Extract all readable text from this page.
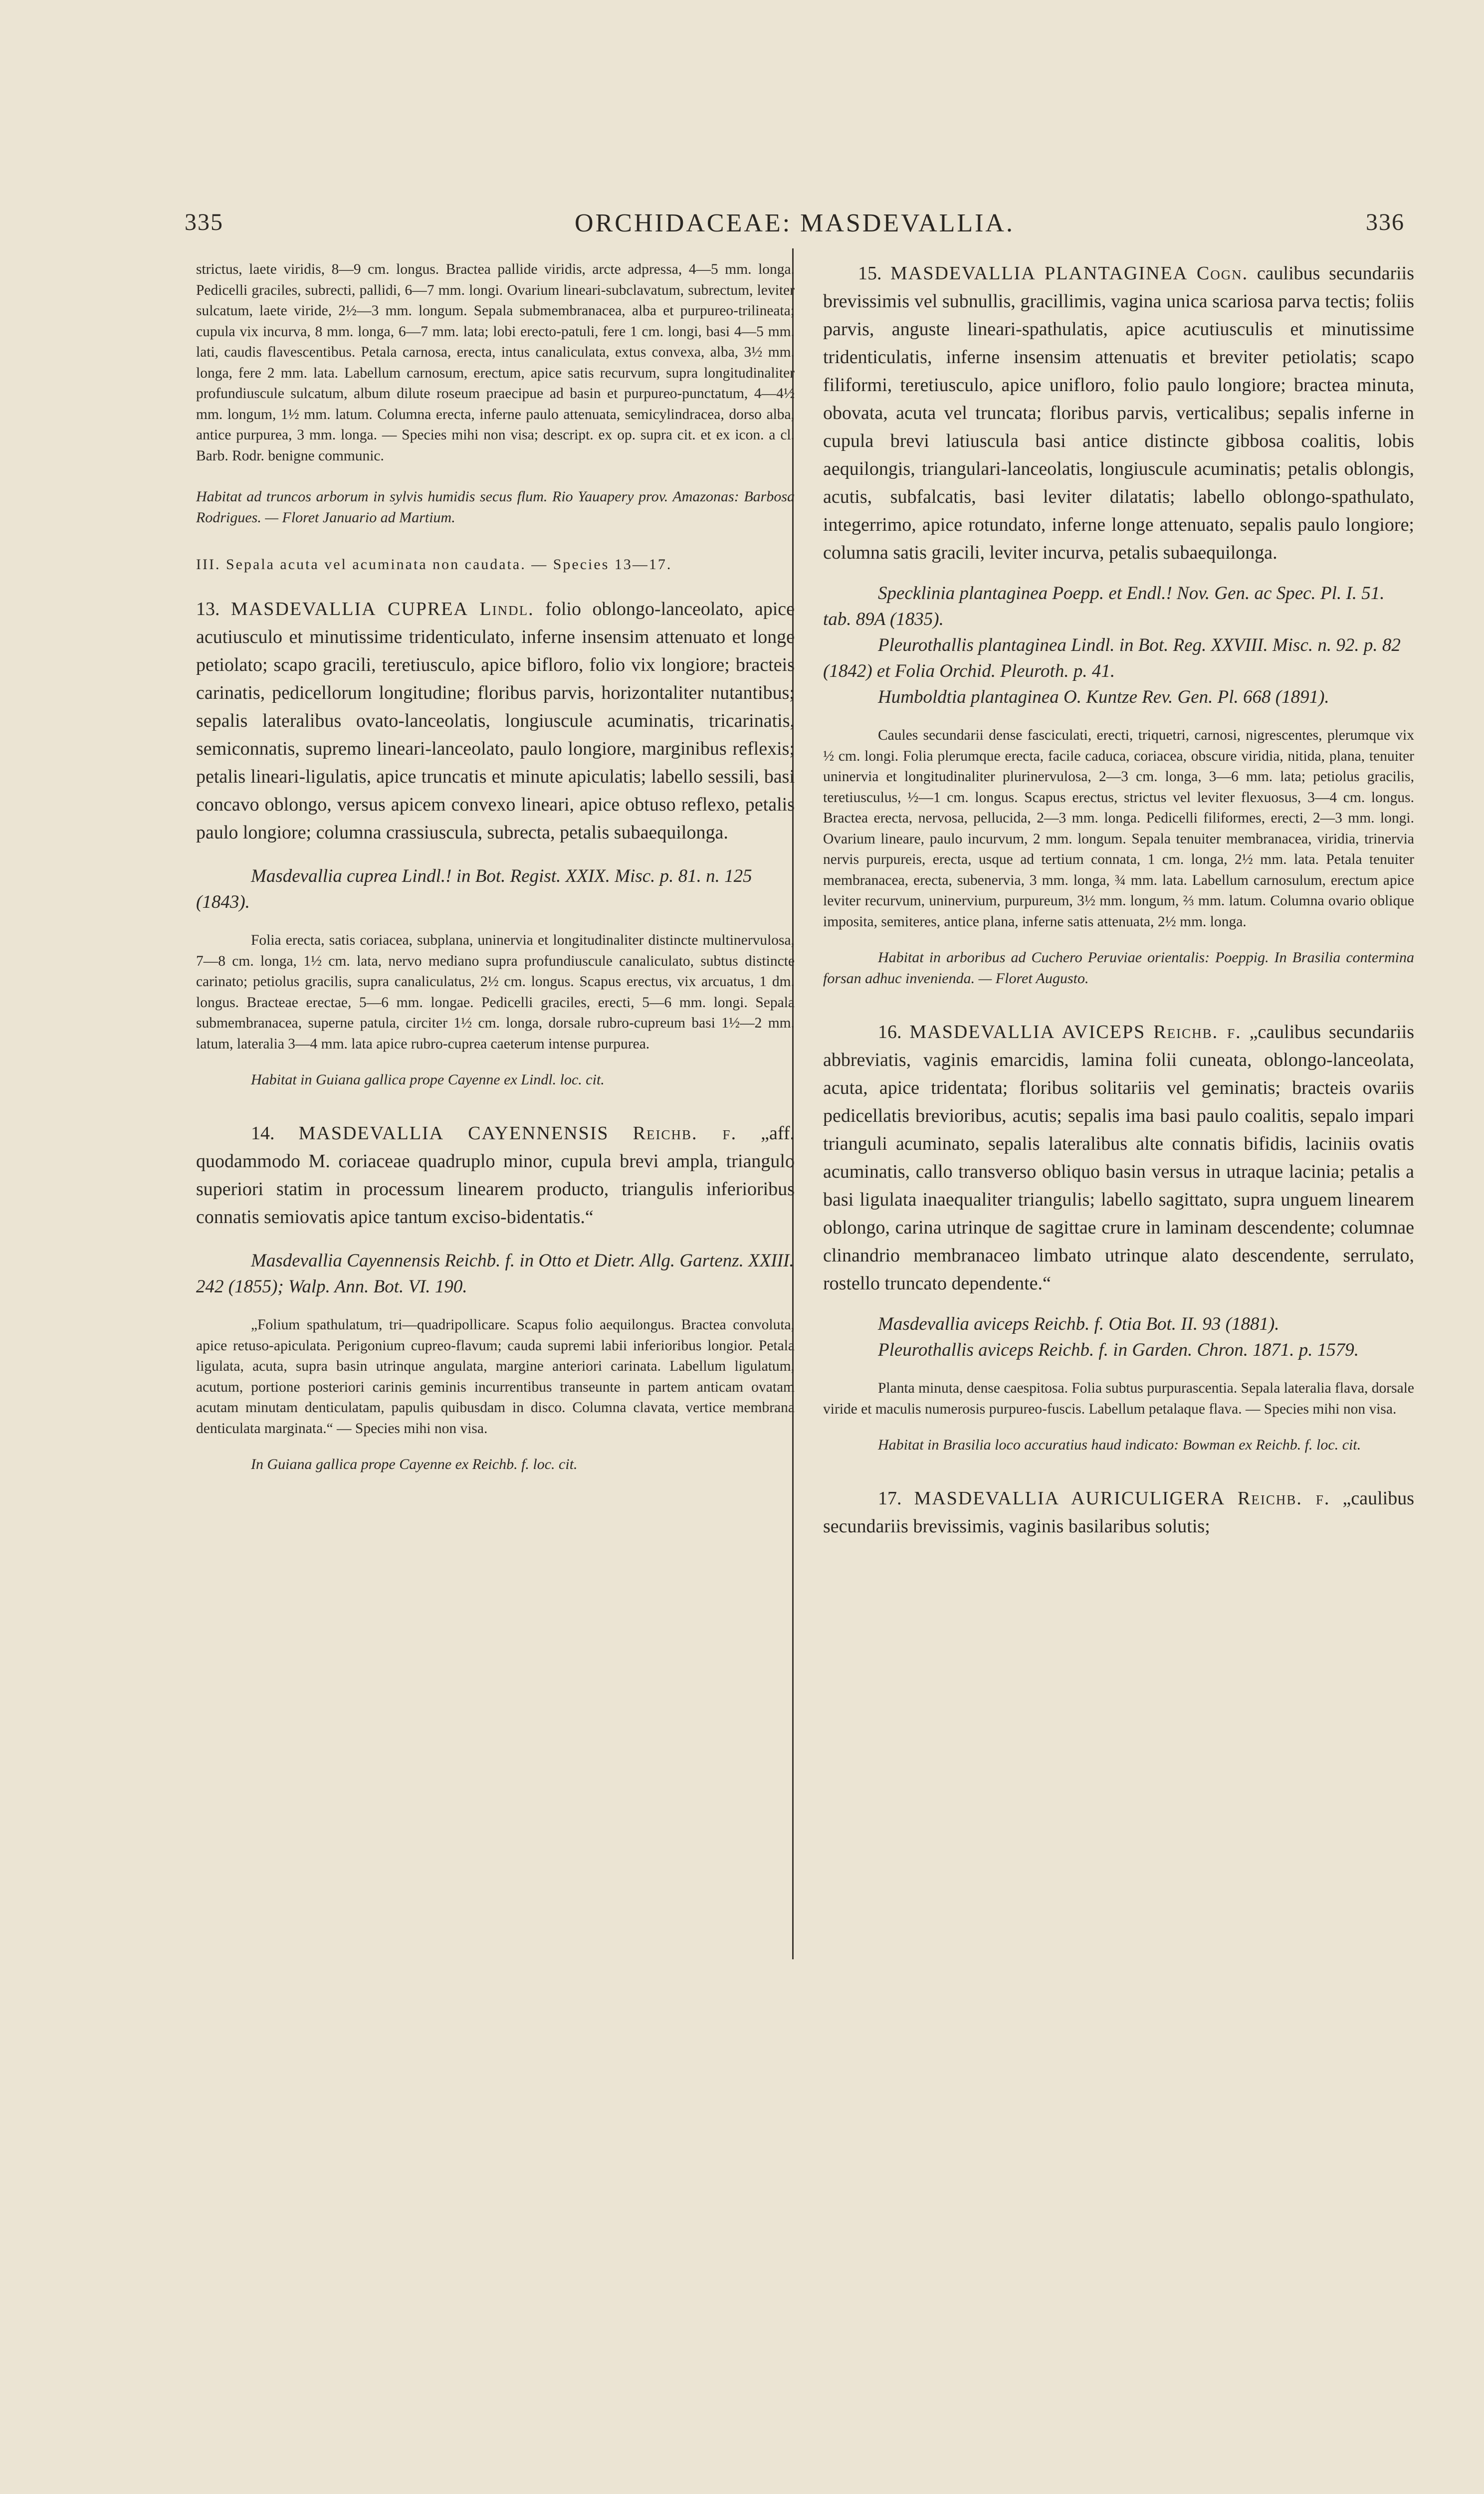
335	ORCHIDACEAE: MASDEVALLIA.	336

strictus, laete viridis, 8—9 cm. longus. Bractea pallide viridis, arcte adpressa, 4—5 mm. longa. Pedicelli graciles, subrecti, pallidi, 6—7 mm. longi. Ovarium lineari-subclavatum, subrectum, leviter sulcatum, laete viride, 2½—3 mm. longum. Sepala submembranacea, alba et purpureo-trilineata; cupula vix incurva, 8 mm. longa, 6—7 mm. lata; lobi erecto-patuli, fere 1 cm. longi, basi 4—5 mm. lati, caudis flavescentibus. Petala carnosa, erecta, intus canaliculata, extus convexa, alba, 3½ mm. longa, fere 2 mm. lata. Labellum carnosum, erectum, apice satis recurvum, supra longitudinaliter profundiuscule sulcatum, album dilute roseum praecipue ad basin et purpureo-punctatum, 4—4½ mm. longum, 1½ mm. latum. Columna erecta, inferne paulo attenuata, semicylindracea, dorso alba, antice purpurea, 3 mm. longa. — Species mihi non visa; descript. ex op. supra cit. et ex icon. a cl. Barb. Rodr. benigne communic.

Habitat ad truncos arborum in sylvis humidis secus flum. Rio Yauapery prov. Amazonas: Barbosa Rodrigues. — Floret Januario ad Martium.

III. Sepala acuta vel acuminata non caudata. — Species 13—17.

13. MASDEVALLIA CUPREA Lindl. folio oblongo-lanceolato, apice acutiusculo et minutissime tridenticulato, inferne insensim attenuato et longe petiolato; scapo gracili, teretiusculo, apice bifloro, folio vix longiore; bracteis carinatis, pedicellorum longitudine; floribus parvis, horizontaliter nutantibus; sepalis lateralibus ovato-lanceolatis, longiuscule acuminatis, tricarinatis, semiconnatis, supremo lineari-lanceolato, paulo longiore, marginibus reflexis; petalis lineari-ligulatis, apice truncatis et minute apiculatis; labello sessili, basi concavo oblongo, versus apicem convexo lineari, apice obtuso reflexo, petalis paulo longiore; columna crassiuscula, subrecta, petalis subaequilonga.

Masdevallia cuprea Lindl.! in Bot. Regist. XXIX. Misc. p. 81. n. 125 (1843).

Folia erecta, satis coriacea, subplana, uninervia et longitudinaliter distincte multinervulosa, 7—8 cm. longa, 1½ cm. lata, nervo mediano supra profundiuscule canaliculato, subtus distincte carinato; petiolus gracilis, supra canaliculatus, 2½ cm. longus. Scapus erectus, vix arcuatus, 1 dm. longus. Bracteae erectae, 5—6 mm. longae. Pedicelli graciles, erecti, 5—6 mm. longi. Sepala submembranacea, superne patula, circiter 1½ cm. longa, dorsale rubro-cupreum basi 1½—2 mm. latum, lateralia 3—4 mm. lata apice rubro-cuprea caeterum intense purpurea.

Habitat in Guiana gallica prope Cayenne ex Lindl. loc. cit.

14. MASDEVALLIA CAYENNENSIS Reichb. f. „aff. quodammodo M. coriaceae quadruplo minor, cupula brevi ampla, triangulo superiori statim in processum linearem producto, triangulis inferioribus connatis semiovatis apice tantum exciso-bidentatis.“

Masdevallia Cayennensis Reichb. f. in Otto et Dietr. Allg. Gartenz. XXIII. 242 (1855); Walp. Ann. Bot. VI. 190.

„Folium spathulatum, tri—quadripollicare. Scapus folio aequilongus. Bractea convoluta, apice retuso-apiculata. Perigonium cupreo-flavum; cauda supremi labii inferioribus longior. Petala ligulata, acuta, supra basin utrinque angulata, margine anteriori carinata. Labellum ligulatum, acutum, portione posteriori carinis geminis incurrentibus transeunte in partem anticam ovatam acutam minutam denticulatam, papulis quibusdam in disco. Columna clavata, vertice membrana denticulata marginata.“ — Species mihi non visa.

In Guiana gallica prope Cayenne ex Reichb. f. loc. cit.

15. MASDEVALLIA PLANTAGINEA Cogn. caulibus secundariis brevissimis vel subnullis, gracillimis, vagina unica scariosa parva tectis; foliis parvis, anguste lineari-spathulatis, apice acutiusculis et minutissime tridenticulatis, inferne insensim attenuatis et breviter petiolatis; scapo filiformi, teretiusculo, apice unifloro, folio paulo longiore; bractea minuta, obovata, acuta vel truncata; floribus parvis, verticalibus; sepalis inferne in cupula brevi latiuscula basi antice distincte gibbosa coalitis, lobis aequilongis, triangulari-lanceolatis, longiuscule acuminatis; petalis oblongis, acutis, subfalcatis, basi leviter dilatatis; labello oblongo-spathulato, integerrimo, apice rotundato, inferne longe attenuato, sepalis paulo longiore; columna satis gracili, leviter incurva, petalis subaequilonga.

Specklinia plantaginea Poepp. et Endl.! Nov. Gen. ac Spec. Pl. I. 51. tab. 89A (1835).

Pleurothallis plantaginea Lindl. in Bot. Reg. XXVIII. Misc. n. 92. p. 82 (1842) et Folia Orchid. Pleuroth. p. 41.

Humboldtia plantaginea O. Kuntze Rev. Gen. Pl. 668 (1891).

Caules secundarii dense fasciculati, erecti, triquetri, carnosi, nigrescentes, plerumque vix ½ cm. longi. Folia plerumque erecta, facile caduca, coriacea, obscure viridia, nitida, plana, tenuiter uninervia et longitudinaliter plurinervulosa, 2—3 cm. longa, 3—6 mm. lata; petiolus gracilis, teretiusculus, ½—1 cm. longus. Scapus erectus, strictus vel leviter flexuosus, 3—4 cm. longus. Bractea erecta, nervosa, pellucida, 2—3 mm. longa. Pedicelli filiformes, erecti, 2—3 mm. longi. Ovarium lineare, paulo incurvum, 2 mm. longum. Sepala tenuiter membranacea, viridia, trinervia nervis purpureis, erecta, usque ad tertium connata, 1 cm. longa, 2½ mm. lata. Petala tenuiter membranacea, erecta, subenervia, 3 mm. longa, ¾ mm. lata. Labellum carnosulum, erectum apice leviter recurvum, uninervium, purpureum, 3½ mm. longum, ⅔ mm. latum. Columna ovario oblique imposita, semiteres, antice plana, inferne satis attenuata, 2½ mm. longa.

Habitat in arboribus ad Cuchero Peruviae orientalis: Poeppig. In Brasilia contermina forsan adhuc invenienda. — Floret Augusto.

16. MASDEVALLIA AVICEPS Reichb. f. „caulibus secundariis abbreviatis, vaginis emarcidis, lamina folii cuneata, oblongo-lanceolata, acuta, apice tridentata; floribus solitariis vel geminatis; bracteis ovariis pedicellatis brevioribus, acutis; sepalis ima basi paulo coalitis, sepalo impari trianguli acuminato, sepalis lateralibus alte connatis bifidis, laciniis ovatis acuminatis, callo transverso obliquo basin versus in utraque lacinia; petalis a basi ligulata inaequaliter triangulis; labello sagittato, supra unguem linearem oblongo, carina utrinque de sagittae crure in laminam descendente; columnae clinandrio membranaceo limbato utrinque alato descendente, serrulato, rostello truncato dependente.“

Masdevallia aviceps Reichb. f. Otia Bot. II. 93 (1881).

Pleurothallis aviceps Reichb. f. in Garden. Chron. 1871. p. 1579.

Planta minuta, dense caespitosa. Folia subtus purpurascentia. Sepala lateralia flava, dorsale viride et maculis numerosis purpureo-fuscis. Labellum petalaque flava. — Species mihi non visa.

Habitat in Brasilia loco accuratius haud indicato: Bowman ex Reichb. f. loc. cit.

17. MASDEVALLIA AURICULIGERA Reichb. f. „caulibus secundariis brevissimis, vaginis basilaribus solutis;
